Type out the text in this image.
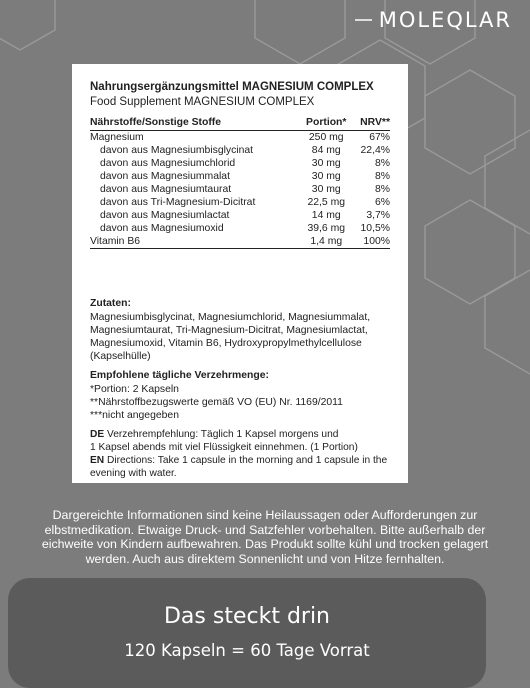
MOLEQLAR
Nahrungsergänzungsmittel MAGNESIUM COMPLEX
Food Supplement MAGNESIUM COMPLEX
Nährstoffe/Sonstige Stoffe	Portion*	NRV**
Magnesium	250 mg	67%
davon aus Magnesiumbisglycinat	84 mg	22,4%
davon aus Magnesiumchlorid	30 mg	8%
davon aus Magnesiummalat	30 mg	8%
davon aus Magnesiumtaurat	30 mg	8%
davon aus Tri-Magnesium-Dicitrat	22,5 mg	6%
davon aus Magnesiumlactat	14 mg	3,7%
davon aus Magnesiumoxid	39,6 mg	10,5%
Vitamin B6	1,4 mg	100%
Zutaten:
Magnesiumbisglycinat, Magnesiumchlorid, Magnesiummalat,
Magnesiumtaurat, Tri-Magnesium-Dicitrat, Magnesiumlactat,
Magnesiumoxid, Vitamin B6, Hydroxypropylmethylcellulose
(Kapselhülle)
Empfohlene tägliche Verzehrmenge:
*Portion: 2 Kapseln
**Nährstoffbezugswerte gemäß VO (EU) Nr. 1169/2011
***nicht angegeben
DE Verzehrempfehlung: Täglich 1 Kapsel morgens und
1 Kapsel abends mit viel Flüssigkeit einnehmen. (1 Portion)
EN Directions: Take 1 capsule in the morning and 1 capsule in the
evening with water.
Dargereichte Informationen sind keine Heilaussagen oder Aufforderungen zur
elbstmedikation. Etwaige Druck- und Satzfehler vorbehalten. Bitte außerhalb der
eichweite von Kindern aufbewahren. Das Produkt sollte kühl und trocken gelagert
werden. Auch aus direktem Sonnenlicht und von Hitze fernhalten.
Das steckt drin
120 Kapseln = 60 Tage Vorrat
